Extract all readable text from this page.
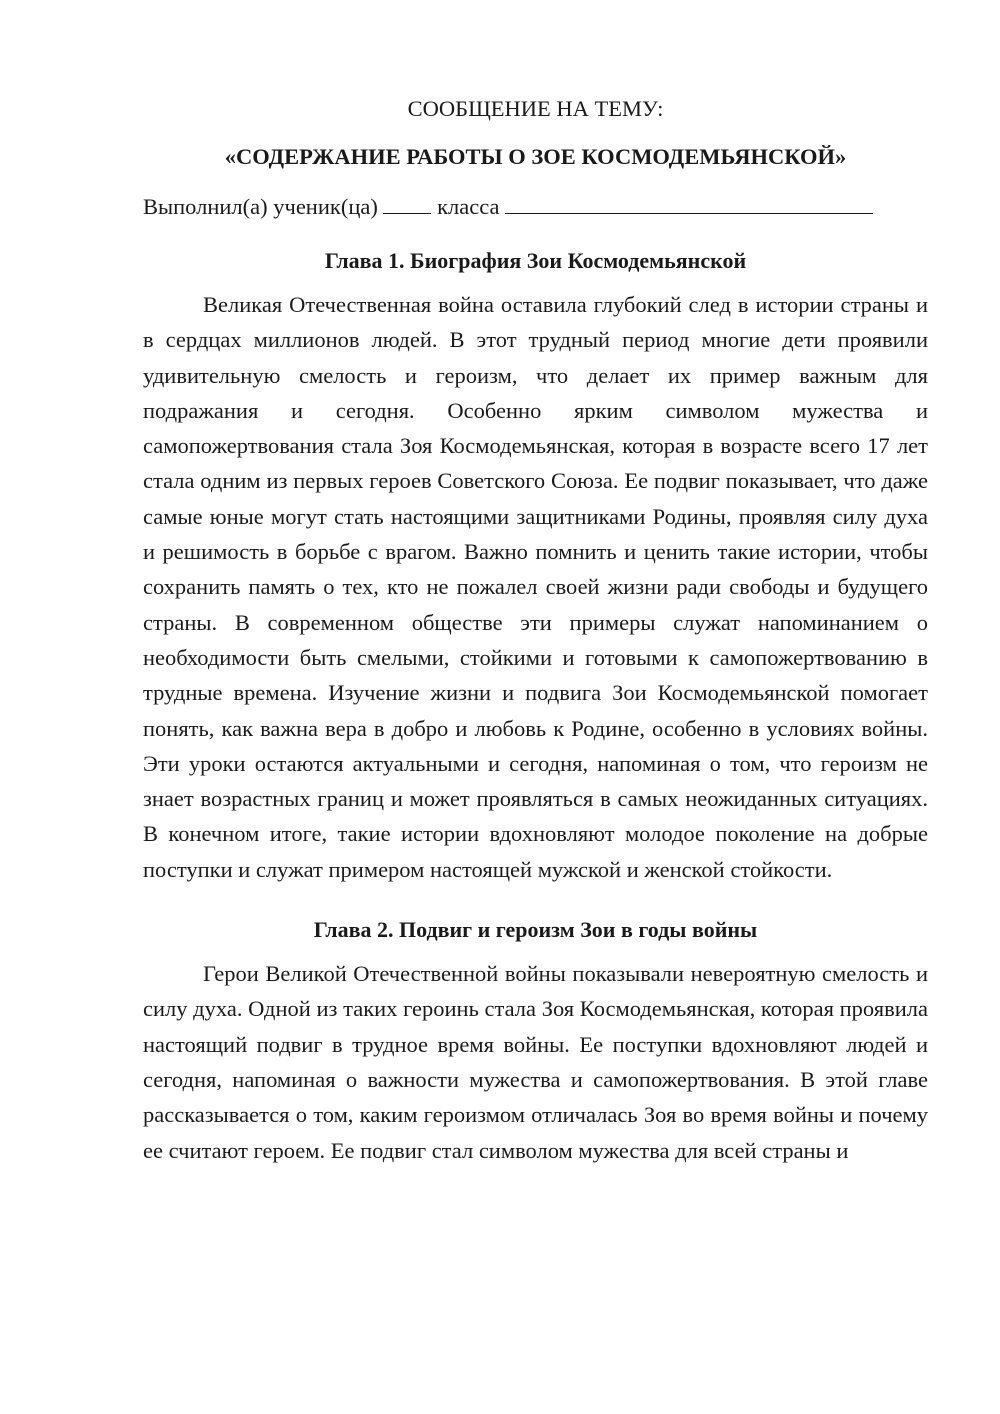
СООБЩЕНИЕ НА ТЕМУ:

«СОДЕРЖАНИЕ РАБОТЫ О ЗОЕ КОСМОДЕМЬЯНСКОЙ»

Выполнил(а) ученик(ца)	класса

Глава 1. Биография Зои Космодемьянской

Великая Отечественная война оставила глубокий след в истории страны и в сердцах миллионов людей. В этот трудный период многие дети проявили удивительную смелость и героизм, что делает их пример важным для подражания и сегодня. Особенно ярким символом мужества и самопожертвования стала Зоя Космодемьянская, которая в возрасте всего 17 лет стала одним из первых героев Советского Союза. Ее подвиг показывает, что даже самые юные могут стать настоящими защитниками Родины, проявляя силу духа и решимость в борьбе с врагом. Важно помнить и ценить такие истории, чтобы сохранить память о тех, кто не пожалел своей жизни ради свободы и будущего страны. В современном обществе эти примеры служат напоминанием о необходимости быть смелыми, стойкими и готовыми к самопожертвованию в трудные времена. Изучение жизни и подвига Зои Космодемьянской помогает понять, как важна вера в добро и любовь к Родине, особенно в условиях войны. Эти уроки остаются актуальными и сегодня, напоминая о том, что героизм не знает возрастных границ и может проявляться в самых неожиданных ситуациях. В конечном итоге, такие истории вдохновляют молодое поколение на добрые поступки и служат примером настоящей мужской и женской стойкости.

Глава 2. Подвиг и героизм Зои в годы войны

Герои Великой Отечественной войны показывали невероятную смелость и силу духа. Одной из таких героинь стала Зоя Космодемьянская, которая проявила настоящий подвиг в трудное время войны. Ее поступки вдохновляют людей и сегодня, напоминая о важности мужества и самопожертвования. В этой главе рассказывается о том, каким героизмом отличалась Зоя во время войны и почему ее считают героем. Ее подвиг стал символом мужества для всей страны и
